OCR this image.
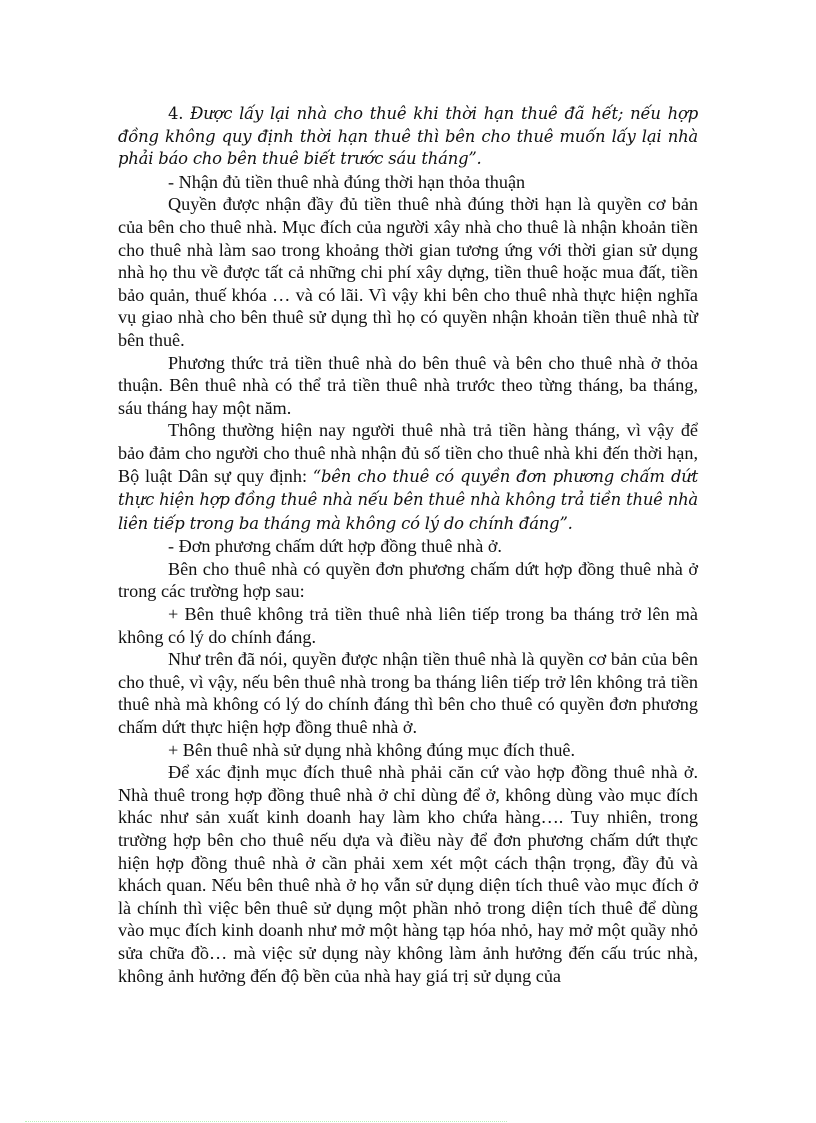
4. Được lấy lại nhà cho thuê khi thời hạn thuê đã hết; nếu hợp đồng không quy định thời hạn thuê thì bên cho thuê muốn lấy lại nhà phải báo cho bên thuê biết trước sáu tháng”.

- Nhận đủ tiền thuê nhà đúng thời hạn thỏa thuận

Quyền được nhận đầy đủ tiền thuê nhà đúng thời hạn là quyền cơ bản của bên cho thuê nhà. Mục đích của người xây nhà cho thuê là nhận khoản tiền cho thuê nhà làm sao trong khoảng thời gian tương ứng với thời gian sử dụng nhà họ thu về được tất cả những chi phí xây dựng, tiền thuê hoặc mua đất, tiền bảo quản, thuế khóa … và có lãi. Vì vậy khi bên cho thuê nhà thực hiện nghĩa vụ giao nhà cho bên thuê sử dụng thì họ có quyền nhận khoản tiền thuê nhà từ bên thuê.

Phương thức trả tiền thuê nhà do bên thuê và bên cho thuê nhà ở thỏa thuận. Bên thuê nhà có thể trả tiền thuê nhà trước theo từng tháng, ba tháng, sáu tháng hay một năm.

Thông thường hiện nay người thuê nhà trả tiền hàng tháng, vì vậy để bảo đảm cho người cho thuê nhà nhận đủ số tiền cho thuê nhà khi đến thời hạn, Bộ luật Dân sự quy định: “bên cho thuê có quyền đơn phương chấm dứt thực hiện hợp đồng thuê nhà nếu bên thuê nhà không trả tiền thuê nhà liên tiếp trong ba tháng mà không có lý do chính đáng”.

- Đơn phương chấm dứt hợp đồng thuê nhà ở.

Bên cho thuê nhà có quyền đơn phương chấm dứt hợp đồng thuê nhà ở trong các trường hợp sau:

+ Bên thuê không trả tiền thuê nhà liên tiếp trong ba tháng trở lên mà không có lý do chính đáng.

Như trên đã nói, quyền được nhận tiền thuê nhà là quyền cơ bản của bên cho thuê, vì vậy, nếu bên thuê nhà trong ba tháng liên tiếp trở lên không trả tiền thuê nhà mà không có lý do chính đáng thì bên cho thuê có quyền đơn phương chấm dứt thực hiện hợp đồng thuê nhà ở.

+ Bên thuê nhà sử dụng nhà không đúng mục đích thuê.

Để xác định mục đích thuê nhà phải căn cứ vào hợp đồng thuê nhà ở. Nhà thuê trong hợp đồng thuê nhà ở chỉ dùng để ở, không dùng vào mục đích khác như sản xuất kinh doanh hay làm kho chứa hàng…. Tuy nhiên, trong trường hợp bên cho thuê nếu dựa và điều này để đơn phương chấm dứt thực hiện hợp đồng thuê nhà ở cần phải xem xét một cách thận trọng, đầy đủ và khách quan. Nếu bên thuê nhà ở họ vẫn sử dụng diện tích thuê vào mục đích ở là chính thì việc bên thuê sử dụng một phần nhỏ trong diện tích thuê để dùng vào mục đích kinh doanh như mở một hàng tạp hóa nhỏ, hay mở một quầy nhỏ sửa chữa đồ… mà việc sử dụng này không làm ảnh hưởng đến cấu trúc nhà, không ảnh hưởng đến độ bền của nhà hay giá trị sử dụng của
